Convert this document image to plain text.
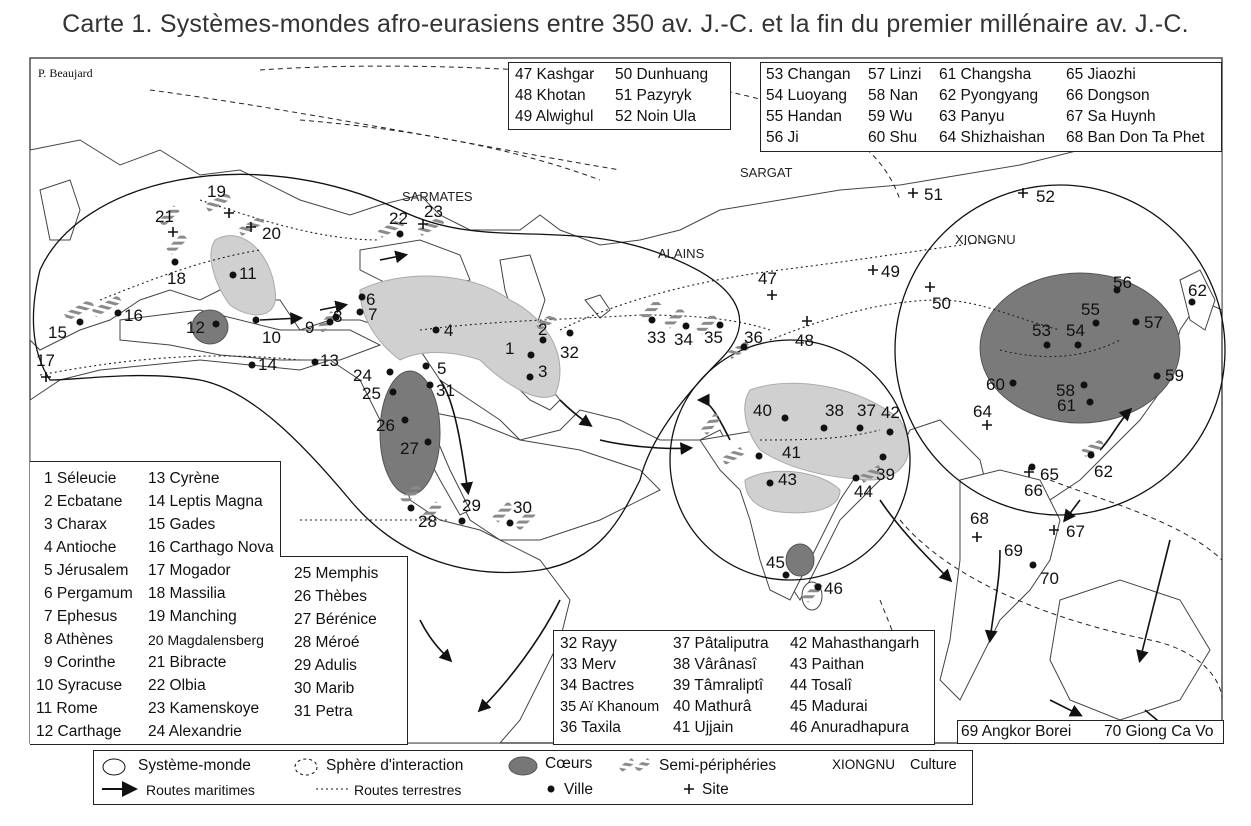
Carte 1. Systèmes-mondes afro-eurasiens entre 350 av. J.-C. et la fin du premier millénaire av. J.-C.
SARMATES
SARGAT
ALAINS
XIONGNU
1
2
3
4
5
6
7
8
9
10
11
12
13
14
15
16
17
18
19
20
21	22 23
24
25
26
27
28
29 30
31
32
33 34 35 36
37
38
39
40
41
42
43
44
45
46
47
48
49
50
51	52
53 54
55
56
57
58
59
60
61
62
62
64
65
66
67
68
69
70
P. Beaujard	47 Kashgar
48 Khotan
49 Alwighul
50 Dunhuang
51 Pazyryk
52 Noin Ula
53 Changan
54 Luoyang
55 Handan
56 Ji
57 Linzi
58 Nan
59 Wu
60 Shu
61 Changsha
62 Pyongyang
63 Panyu
64 Shizhaishan
65 Jiaozhi
66 Dongson
67 Sa Huynh
68 Ban Don Ta Phet
1 Séleucie
2 Ecbatane
3 Charax
4 Antioche
5 Jérusalem
6 Pergamum
7 Ephesus
8 Athènes
9 Corinthe
10 Syracuse
11 Rome
12 Carthage
13 Cyrène
14 Leptis Magna
15 Gades
16 Carthago Nova
17 Mogador
18 Massilia
19 Manching
20 Magdalensberg
21 Bibracte
22 Olbia
23 Kamenskoye
24 Alexandrie
25 Memphis
26 Thèbes
27 Bérénice
28 Méroé
29 Adulis
30 Marib
31 Petra
32 Rayy
33 Merv
34 Bactres
35 Aï Khanoum
36 Taxila
37 Pâtaliputra
38 Vârânasî
39 Tâmraliptî
40 Mathurâ
41 Ujjain
42 Mahasthangarh
43 Paithan
44 Tosalî
45 Madurai
46 Anuradhapura	69 Angkor Borei 70 Giong Ca Vo
Système-monde	Sphère d'interaction	Cœurs	Semi-périphéries	XIONGNU Culture
Routes maritimes	Routes terrestres	Ville	Site
